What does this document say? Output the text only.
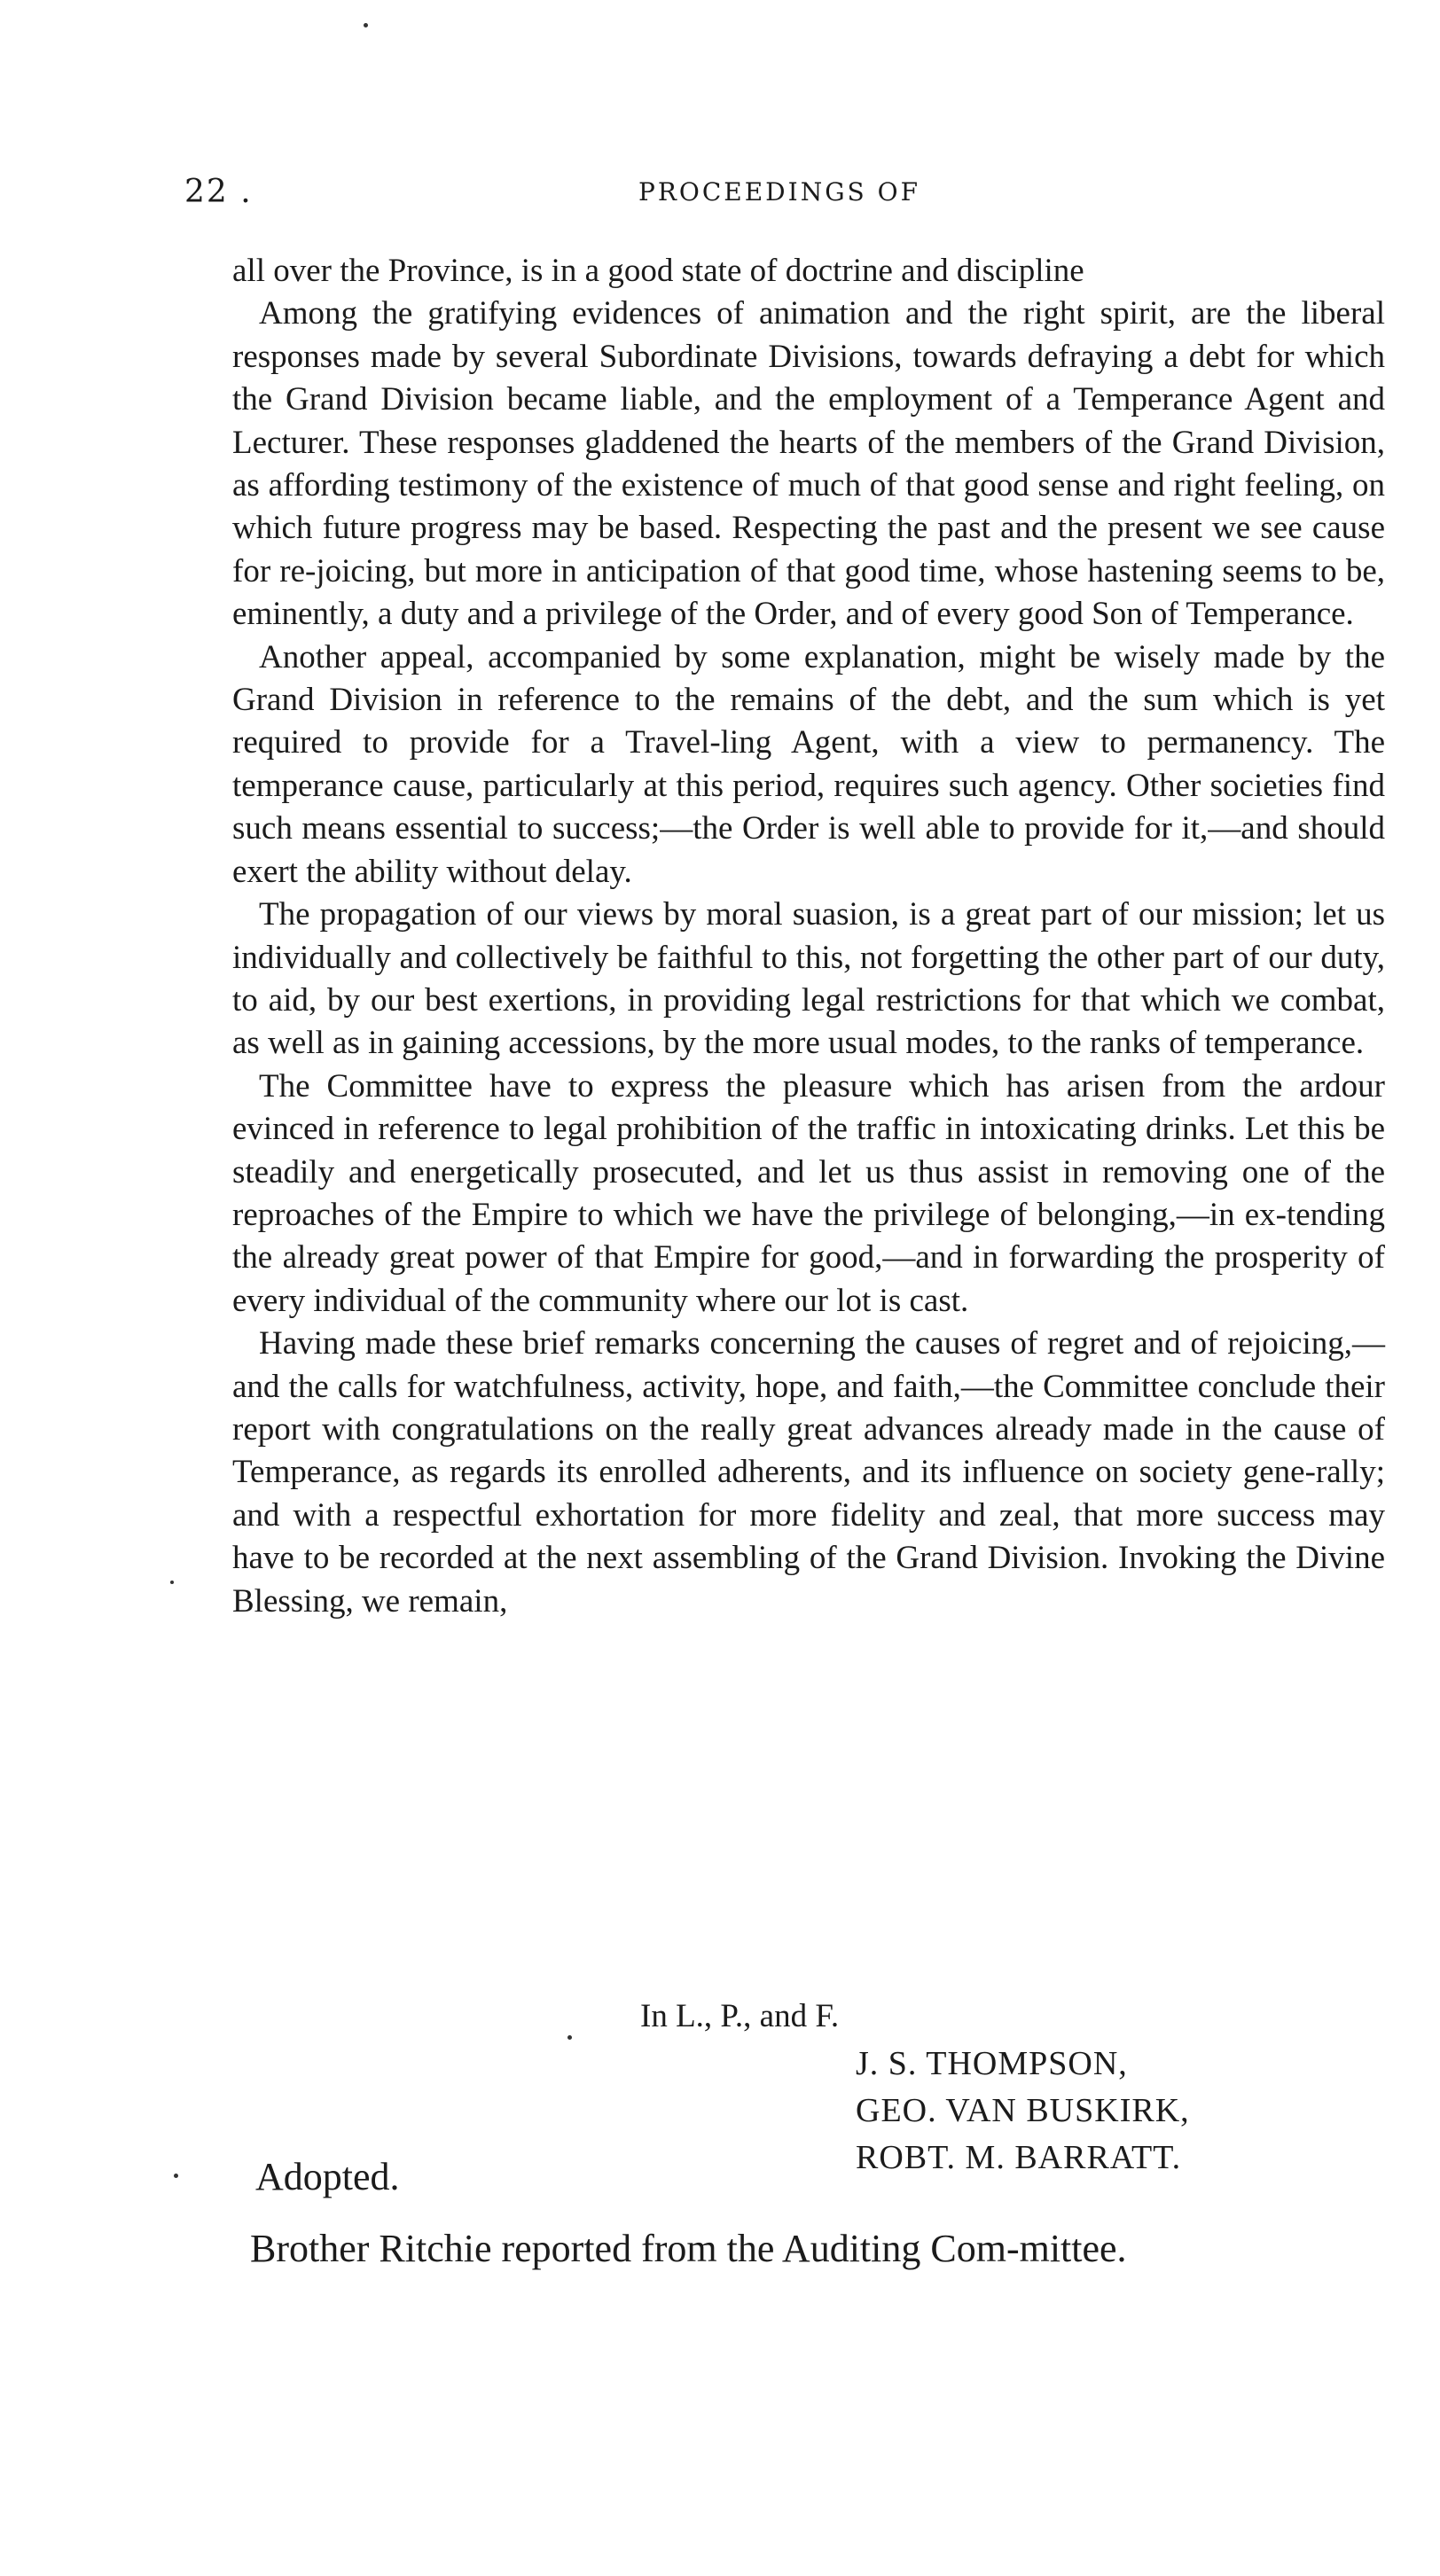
22 .	PROCEEDINGS OF

all over the Province, is in a good state of doctrine and discipline

Among the gratifying evidences of animation and the right spirit, are the liberal responses made by several Subordinate Divisions, towards defraying a debt for which the Grand Division became liable, and the employment of a Temperance Agent and Lecturer. These responses gladdened the hearts of the members of the Grand Division, as affording testimony of the existence of much of that good sense and right feeling, on which future progress may be based. Respecting the past and the present we see cause for re-joicing, but more in anticipation of that good time, whose hastening seems to be, eminently, a duty and a privilege of the Order, and of every good Son of Temperance.

Another appeal, accompanied by some explanation, might be wisely made by the Grand Division in reference to the remains of the debt, and the sum which is yet required to provide for a Travel-ling Agent, with a view to permanency. The temperance cause, particularly at this period, requires such agency. Other societies find such means essential to success;—the Order is well able to provide for it,—and should exert the ability without delay.

The propagation of our views by moral suasion, is a great part of our mission; let us individually and collectively be faithful to this, not forgetting the other part of our duty, to aid, by our best exertions, in providing legal restrictions for that which we combat, as well as in gaining accessions, by the more usual modes, to the ranks of temperance.

The Committee have to express the pleasure which has arisen from the ardour evinced in reference to legal prohibition of the traffic in intoxicating drinks. Let this be steadily and energetically prosecuted, and let us thus assist in removing one of the reproaches of the Empire to which we have the privilege of belonging,—in ex-tending the already great power of that Empire for good,—and in forwarding the prosperity of every individual of the community where our lot is cast.

Having made these brief remarks concerning the causes of regret and of rejoicing,—and the calls for watchfulness, activity, hope, and faith,—the Committee conclude their report with congratulations on the really great advances already made in the cause of Temperance, as regards its enrolled adherents, and its influence on society gene-rally; and with a respectful exhortation for more fidelity and zeal, that more success may have to be recorded at the next assembling of the Grand Division. Invoking the Divine Blessing, we remain,

In L., P., and F.
J. S. THOMPSON,
GEO. VAN BUSKIRK,
ROBT. M. BARRATT.
Adopted.
Brother Ritchie reported from the Auditing Com-mittee.
